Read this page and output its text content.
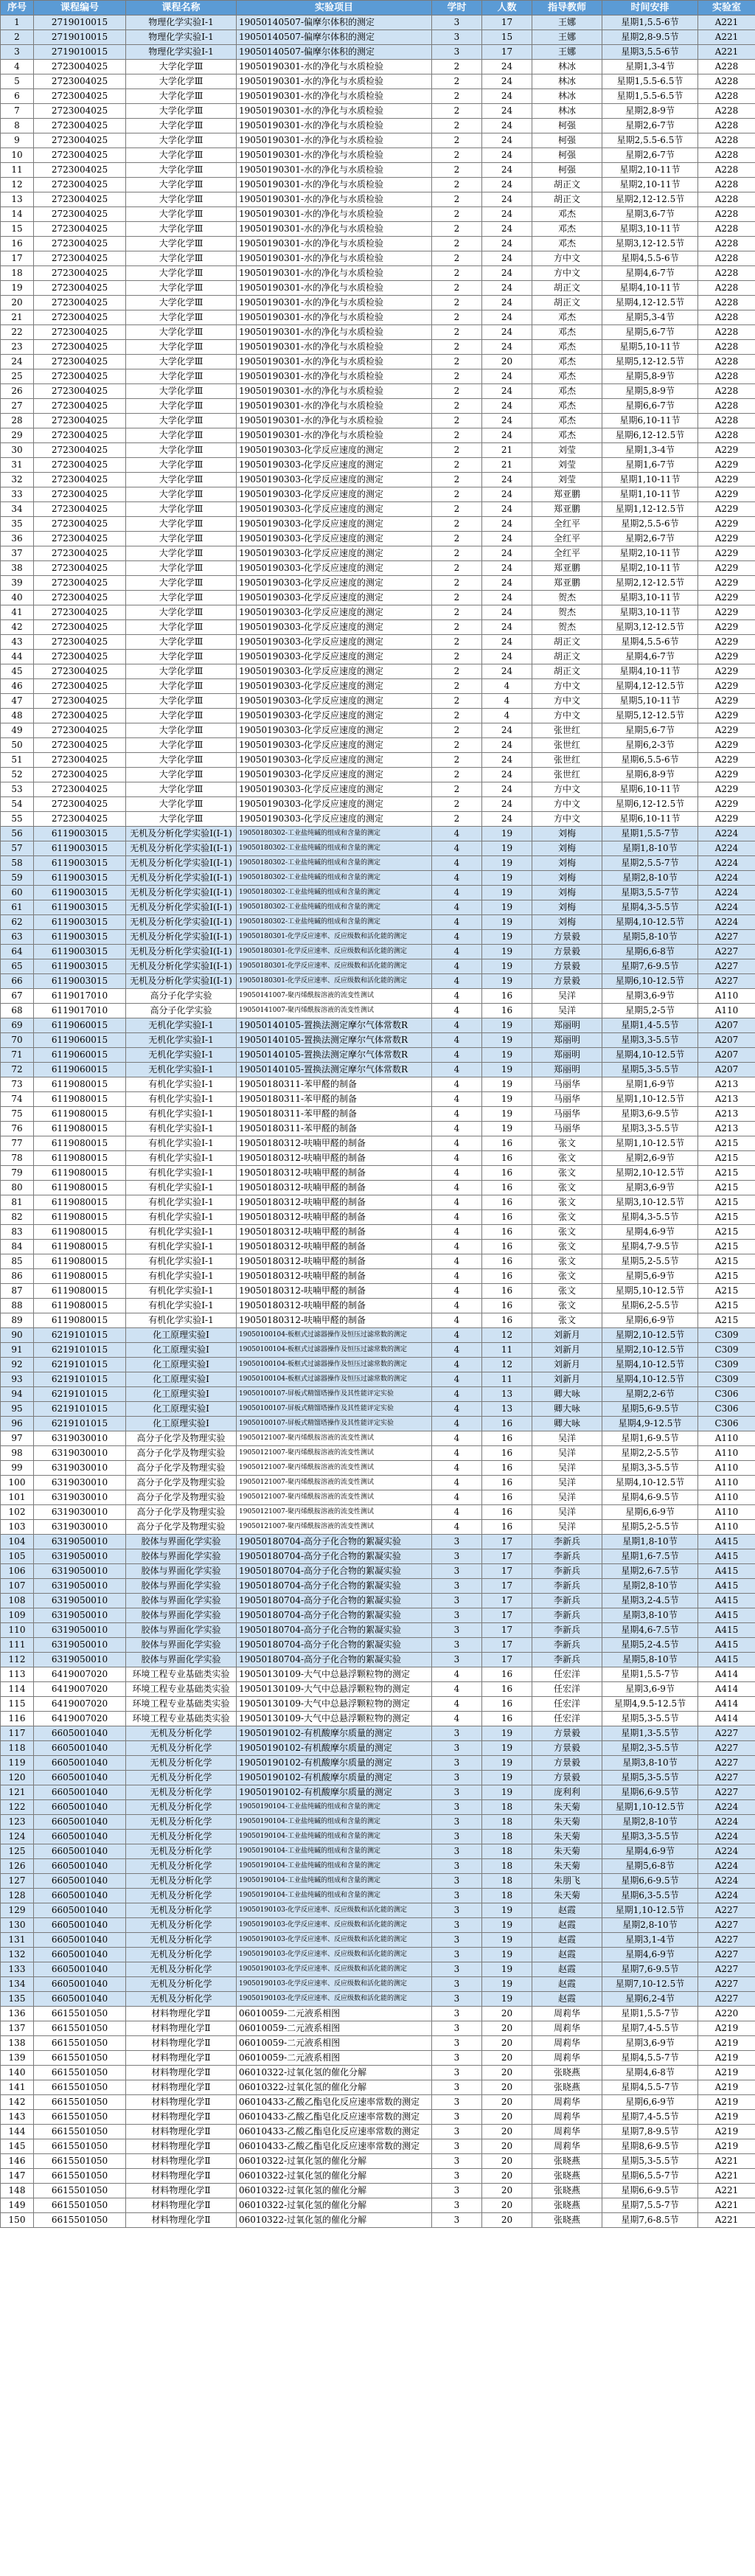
序号	课程编号	课程名称	实验项目	学时	人数	指导教师	时间安排	实验室
1	2719010015	物理化学实验Ⅰ-1	19050140507-偏摩尔体积的测定	3	17	王娜	星期1,5.5-6节	A221
2	2719010015	物理化学实验Ⅰ-1	19050140507-偏摩尔体积的测定	3	15	王娜	星期2,8-9.5节	A221
3	2719010015	物理化学实验Ⅰ-1	19050140507-偏摩尔体积的测定	3	17	王娜	星期3,5.5-6节	A221
4	2723004025	大学化学Ⅲ	19050190301-水的净化与水质检验	2	24	林冰	星期1,3-4节	A228
5	2723004025	大学化学Ⅲ	19050190301-水的净化与水质检验	2	24	林冰	星期1,5.5-6.5节	A228
6	2723004025	大学化学Ⅲ	19050190301-水的净化与水质检验	2	24	林冰	星期1,5.5-6.5节	A228
7	2723004025	大学化学Ⅲ	19050190301-水的净化与水质检验	2	24	林冰	星期2,8-9节	A228
8	2723004025	大学化学Ⅲ	19050190301-水的净化与水质检验	2	24	柯强	星期2,6-7节	A228
9	2723004025	大学化学Ⅲ	19050190301-水的净化与水质检验	2	24	柯强	星期2,5.5-6.5节	A228
10	2723004025	大学化学Ⅲ	19050190301-水的净化与水质检验	2	24	柯强	星期2,6-7节	A228
11	2723004025	大学化学Ⅲ	19050190301-水的净化与水质检验	2	24	柯强	星期2,10-11节	A228
12	2723004025	大学化学Ⅲ	19050190301-水的净化与水质检验	2	24	胡正文	星期2,10-11节	A228
13	2723004025	大学化学Ⅲ	19050190301-水的净化与水质检验	2	24	胡正文	星期2,12-12.5节	A228
14	2723004025	大学化学Ⅲ	19050190301-水的净化与水质检验	2	24	邓杰	星期3,6-7节	A228
15	2723004025	大学化学Ⅲ	19050190301-水的净化与水质检验	2	24	邓杰	星期3,10-11节	A228
16	2723004025	大学化学Ⅲ	19050190301-水的净化与水质检验	2	24	邓杰	星期3,12-12.5节	A228
17	2723004025	大学化学Ⅲ	19050190301-水的净化与水质检验	2	24	方中文	星期4,5.5-6节	A228
18	2723004025	大学化学Ⅲ	19050190301-水的净化与水质检验	2	24	方中文	星期4,6-7节	A228
19	2723004025	大学化学Ⅲ	19050190301-水的净化与水质检验	2	24	胡正文	星期4,10-11节	A228
20	2723004025	大学化学Ⅲ	19050190301-水的净化与水质检验	2	24	胡正文	星期4,12-12.5节	A228
21	2723004025	大学化学Ⅲ	19050190301-水的净化与水质检验	2	24	邓杰	星期5,3-4节	A228
22	2723004025	大学化学Ⅲ	19050190301-水的净化与水质检验	2	24	邓杰	星期5,6-7节	A228
23	2723004025	大学化学Ⅲ	19050190301-水的净化与水质检验	2	24	邓杰	星期5,10-11节	A228
24	2723004025	大学化学Ⅲ	19050190301-水的净化与水质检验	2	20	邓杰	星期5,12-12.5节	A228
25	2723004025	大学化学Ⅲ	19050190301-水的净化与水质检验	2	24	邓杰	星期5,8-9节	A228
26	2723004025	大学化学Ⅲ	19050190301-水的净化与水质检验	2	24	邓杰	星期5,8-9节	A228
27	2723004025	大学化学Ⅲ	19050190301-水的净化与水质检验	2	24	邓杰	星期6,6-7节	A228
28	2723004025	大学化学Ⅲ	19050190301-水的净化与水质检验	2	24	邓杰	星期6,10-11节	A228
29	2723004025	大学化学Ⅲ	19050190301-水的净化与水质检验	2	24	邓杰	星期6,12-12.5节	A228
30	2723004025	大学化学Ⅲ	19050190303-化学反应速度的测定	2	21	刘莹	星期1,3-4节	A229
31	2723004025	大学化学Ⅲ	19050190303-化学反应速度的测定	2	21	刘莹	星期1,6-7节	A229
32	2723004025	大学化学Ⅲ	19050190303-化学反应速度的测定	2	24	刘莹	星期1,10-11节	A229
33	2723004025	大学化学Ⅲ	19050190303-化学反应速度的测定	2	24	郑亚鹏	星期1,10-11节	A229
34	2723004025	大学化学Ⅲ	19050190303-化学反应速度的测定	2	24	郑亚鹏	星期1,12-12.5节	A229
35	2723004025	大学化学Ⅲ	19050190303-化学反应速度的测定	2	24	全红平	星期2,5.5-6节	A229
36	2723004025	大学化学Ⅲ	19050190303-化学反应速度的测定	2	24	全红平	星期2,6-7节	A229
37	2723004025	大学化学Ⅲ	19050190303-化学反应速度的测定	2	24	全红平	星期2,10-11节	A229
38	2723004025	大学化学Ⅲ	19050190303-化学反应速度的测定	2	24	郑亚鹏	星期2,10-11节	A229
39	2723004025	大学化学Ⅲ	19050190303-化学反应速度的测定	2	24	郑亚鹏	星期2,12-12.5节	A229
40	2723004025	大学化学Ⅲ	19050190303-化学反应速度的测定	2	24	贺杰	星期3,10-11节	A229
41	2723004025	大学化学Ⅲ	19050190303-化学反应速度的测定	2	24	贺杰	星期3,10-11节	A229
42	2723004025	大学化学Ⅲ	19050190303-化学反应速度的测定	2	24	贺杰	星期3,12-12.5节	A229
43	2723004025	大学化学Ⅲ	19050190303-化学反应速度的测定	2	24	胡正文	星期4,5.5-6节	A229
44	2723004025	大学化学Ⅲ	19050190303-化学反应速度的测定	2	24	胡正文	星期4,6-7节	A229
45	2723004025	大学化学Ⅲ	19050190303-化学反应速度的测定	2	24	胡正文	星期4,10-11节	A229
46	2723004025	大学化学Ⅲ	19050190303-化学反应速度的测定	2	4	方中文	星期4,12-12.5节	A229
47	2723004025	大学化学Ⅲ	19050190303-化学反应速度的测定	2	4	方中文	星期5,10-11节	A229
48	2723004025	大学化学Ⅲ	19050190303-化学反应速度的测定	2	4	方中文	星期5,12-12.5节	A229
49	2723004025	大学化学Ⅲ	19050190303-化学反应速度的测定	2	24	张世红	星期5,6-7节	A229
50	2723004025	大学化学Ⅲ	19050190303-化学反应速度的测定	2	24	张世红	星期6,2-3节	A229
51	2723004025	大学化学Ⅲ	19050190303-化学反应速度的测定	2	24	张世红	星期6,5.5-6节	A229
52	2723004025	大学化学Ⅲ	19050190303-化学反应速度的测定	2	24	张世红	星期6,8-9节	A229
53	2723004025	大学化学Ⅲ	19050190303-化学反应速度的测定	2	24	方中文	星期6,10-11节	A229
54	2723004025	大学化学Ⅲ	19050190303-化学反应速度的测定	2	24	方中文	星期6,12-12.5节	A229
55	2723004025	大学化学Ⅲ	19050190303-化学反应速度的测定	2	24	方中文	星期6,10-11节	A229
56	6119003015	无机及分析化学实验Ⅰ(Ⅰ-1)	19050180302-工业盐纯碱的组成和含量的测定	4	19	刘梅	星期1,5.5-7节	A224
57	6119003015	无机及分析化学实验Ⅰ(Ⅰ-1)	19050180302-工业盐纯碱的组成和含量的测定	4	19	刘梅	星期1,8-10节	A224
58	6119003015	无机及分析化学实验Ⅰ(Ⅰ-1)	19050180302-工业盐纯碱的组成和含量的测定	4	19	刘梅	星期2,5.5-7节	A224
59	6119003015	无机及分析化学实验Ⅰ(Ⅰ-1)	19050180302-工业盐纯碱的组成和含量的测定	4	19	刘梅	星期2,8-10节	A224
60	6119003015	无机及分析化学实验Ⅰ(Ⅰ-1)	19050180302-工业盐纯碱的组成和含量的测定	4	19	刘梅	星期3,5.5-7节	A224
61	6119003015	无机及分析化学实验Ⅰ(Ⅰ-1)	19050180302-工业盐纯碱的组成和含量的测定	4	19	刘梅	星期4,3-5.5节	A224
62	6119003015	无机及分析化学实验Ⅰ(Ⅰ-1)	19050180302-工业盐纯碱的组成和含量的测定	4	19	刘梅	星期4,10-12.5节	A224
63	6119003015	无机及分析化学实验Ⅰ(Ⅰ-1)	19050180301-化学反应速率、反应级数和活化能的测定	4	19	方景毅	星期5,8-10节	A227
64	6119003015	无机及分析化学实验Ⅰ(Ⅰ-1)	19050180301-化学反应速率、反应级数和活化能的测定	4	19	方景毅	星期6,6-8节	A227
65	6119003015	无机及分析化学实验Ⅰ(Ⅰ-1)	19050180301-化学反应速率、反应级数和活化能的测定	4	19	方景毅	星期7,6-9.5节	A227
66	6119003015	无机及分析化学实验Ⅰ(Ⅰ-1)	19050180301-化学反应速率、反应级数和活化能的测定	4	19	方景毅	星期6,10-12.5节	A227
67	6119017010	高分子化学实验	19050141007-聚丙烯酰胺溶液的流变性测试	4	16	吴洋	星期3,6-9节	A110
68	6119017010	高分子化学实验	19050141007-聚丙烯酰胺溶液的流变性测试	4	16	吴洋	星期5,2-5节	A110
69	6119060015	无机化学实验Ⅰ-1	19050140105-置换法测定摩尔气体常数R	4	19	郑丽明	星期1,4-5.5节	A207
70	6119060015	无机化学实验Ⅰ-1	19050140105-置换法测定摩尔气体常数R	4	19	郑丽明	星期3,3-5.5节	A207
71	6119060015	无机化学实验Ⅰ-1	19050140105-置换法测定摩尔气体常数R	4	19	郑丽明	星期4,10-12.5节	A207
72	6119060015	无机化学实验Ⅰ-1	19050140105-置换法测定摩尔气体常数R	4	19	郑丽明	星期5,3-5.5节	A207
73	6119080015	有机化学实验Ⅰ-1	19050180311-苯甲醛的制备	4	19	马丽华	星期1,6-9节	A213
74	6119080015	有机化学实验Ⅰ-1	19050180311-苯甲醛的制备	4	19	马丽华	星期1,10-12.5节	A213
75	6119080015	有机化学实验Ⅰ-1	19050180311-苯甲醛的制备	4	19	马丽华	星期3,6-9.5节	A213
76	6119080015	有机化学实验Ⅰ-1	19050180311-苯甲醛的制备	4	19	马丽华	星期3,3-5.5节	A213
77	6119080015	有机化学实验Ⅰ-1	19050180312-呋喃甲醛的制备	4	16	张文	星期1,10-12.5节	A215
78	6119080015	有机化学实验Ⅰ-1	19050180312-呋喃甲醛的制备	4	16	张文	星期2,6-9节	A215
79	6119080015	有机化学实验Ⅰ-1	19050180312-呋喃甲醛的制备	4	16	张文	星期2,10-12.5节	A215
80	6119080015	有机化学实验Ⅰ-1	19050180312-呋喃甲醛的制备	4	16	张文	星期3,6-9节	A215
81	6119080015	有机化学实验Ⅰ-1	19050180312-呋喃甲醛的制备	4	16	张文	星期3,10-12.5节	A215
82	6119080015	有机化学实验Ⅰ-1	19050180312-呋喃甲醛的制备	4	16	张文	星期4,3-5.5节	A215
83	6119080015	有机化学实验Ⅰ-1	19050180312-呋喃甲醛的制备	4	16	张文	星期4,6-9节	A215
84	6119080015	有机化学实验Ⅰ-1	19050180312-呋喃甲醛的制备	4	16	张文	星期4,7-9.5节	A215
85	6119080015	有机化学实验Ⅰ-1	19050180312-呋喃甲醛的制备	4	16	张文	星期5,2-5.5节	A215
86	6119080015	有机化学实验Ⅰ-1	19050180312-呋喃甲醛的制备	4	16	张文	星期5,6-9节	A215
87	6119080015	有机化学实验Ⅰ-1	19050180312-呋喃甲醛的制备	4	16	张文	星期5,10-12.5节	A215
88	6119080015	有机化学实验Ⅰ-1	19050180312-呋喃甲醛的制备	4	16	张文	星期6,2-5.5节	A215
89	6119080015	有机化学实验Ⅰ-1	19050180312-呋喃甲醛的制备	4	16	张文	星期6,6-9节	A215
90	6219101015	化工原理实验Ⅰ	19050100104-板框式过滤器操作及恒压过滤常数的测定	4	12	刘新月	星期2,10-12.5节	C309
91	6219101015	化工原理实验Ⅰ	19050100104-板框式过滤器操作及恒压过滤常数的测定	4	11	刘新月	星期2,10-12.5节	C309
92	6219101015	化工原理实验Ⅰ	19050100104-板框式过滤器操作及恒压过滤常数的测定	4	12	刘新月	星期4,10-12.5节	C309
93	6219101015	化工原理实验Ⅰ	19050100104-板框式过滤器操作及恒压过滤常数的测定	4	11	刘新月	星期4,10-12.5节	C309
94	6219101015	化工原理实验Ⅰ	19050100107-屏板式精馏塔操作及其性能评定实验	4	13	卿大咏	星期2,2-6节	C306
95	6219101015	化工原理实验Ⅰ	19050100107-屏板式精馏塔操作及其性能评定实验	4	13	卿大咏	星期5,6-9.5节	C306
96	6219101015	化工原理实验Ⅰ	19050100107-屏板式精馏塔操作及其性能评定实验	4	16	卿大咏	星期4,9-12.5节	C306
97	6319030010	高分子化学及物理实验	19050121007-聚丙烯酰胺溶液的流变性测试	4	16	吴洋	星期1,6-9.5节	A110
98	6319030010	高分子化学及物理实验	19050121007-聚丙烯酰胺溶液的流变性测试	4	16	吴洋	星期2,2-5.5节	A110
99	6319030010	高分子化学及物理实验	19050121007-聚丙烯酰胺溶液的流变性测试	4	16	吴洋	星期3,3-5.5节	A110
100	6319030010	高分子化学及物理实验	19050121007-聚丙烯酰胺溶液的流变性测试	4	16	吴洋	星期4,10-12.5节	A110
101	6319030010	高分子化学及物理实验	19050121007-聚丙烯酰胺溶液的流变性测试	4	16	吴洋	星期4,6-9.5节	A110
102	6319030010	高分子化学及物理实验	19050121007-聚丙烯酰胺溶液的流变性测试	4	16	吴洋	星期6,6-9节	A110
103	6319030010	高分子化学及物理实验	19050121007-聚丙烯酰胺溶液的流变性测试	4	16	吴洋	星期5,2-5.5节	A110
104	6319050010	胶体与界面化学实验	19050180704-高分子化合物的絮凝实验	3	17	李新兵	星期1,8-10节	A415
105	6319050010	胶体与界面化学实验	19050180704-高分子化合物的絮凝实验	3	17	李新兵	星期1,6-7.5节	A415
106	6319050010	胶体与界面化学实验	19050180704-高分子化合物的絮凝实验	3	17	李新兵	星期2,6-7.5节	A415
107	6319050010	胶体与界面化学实验	19050180704-高分子化合物的絮凝实验	3	17	李新兵	星期2,8-10节	A415
108	6319050010	胶体与界面化学实验	19050180704-高分子化合物的絮凝实验	3	17	李新兵	星期3,2-4.5节	A415
109	6319050010	胶体与界面化学实验	19050180704-高分子化合物的絮凝实验	3	17	李新兵	星期3,8-10节	A415
110	6319050010	胶体与界面化学实验	19050180704-高分子化合物的絮凝实验	3	17	李新兵	星期4,6-7.5节	A415
111	6319050010	胶体与界面化学实验	19050180704-高分子化合物的絮凝实验	3	17	李新兵	星期5,2-4.5节	A415
112	6319050010	胶体与界面化学实验	19050180704-高分子化合物的絮凝实验	3	17	李新兵	星期5,8-10节	A415
113	6419007020	环境工程专业基础类实验	19050130109-大气中总悬浮颗粒物的测定	4	16	任宏洋	星期1,5.5-7节	A414
114	6419007020	环境工程专业基础类实验	19050130109-大气中总悬浮颗粒物的测定	4	16	任宏洋	星期3,6-9节	A414
115	6419007020	环境工程专业基础类实验	19050130109-大气中总悬浮颗粒物的测定	4	16	任宏洋	星期4,9.5-12.5节	A414
116	6419007020	环境工程专业基础类实验	19050130109-大气中总悬浮颗粒物的测定	4	16	任宏洋	星期5,3-5.5节	A414
117	6605001040	无机及分析化学	19050190102-有机酸摩尔质量的测定	3	19	方景毅	星期1,3-5.5节	A227
118	6605001040	无机及分析化学	19050190102-有机酸摩尔质量的测定	3	19	方景毅	星期2,3-5.5节	A227
119	6605001040	无机及分析化学	19050190102-有机酸摩尔质量的测定	3	19	方景毅	星期3,8-10节	A227
120	6605001040	无机及分析化学	19050190102-有机酸摩尔质量的测定	3	19	方景毅	星期5,3-5.5节	A227
121	6605001040	无机及分析化学	19050190102-有机酸摩尔质量的测定	3	19	庞利利	星期6,6-9.5节	A227
122	6605001040	无机及分析化学	19050190104-工业盐纯碱的组成和含量的测定	3	18	朱天菊	星期1,10-12.5节	A224
123	6605001040	无机及分析化学	19050190104-工业盐纯碱的组成和含量的测定	3	18	朱天菊	星期2,8-10节	A224
124	6605001040	无机及分析化学	19050190104-工业盐纯碱的组成和含量的测定	3	18	朱天菊	星期3,3-5.5节	A224
125	6605001040	无机及分析化学	19050190104-工业盐纯碱的组成和含量的测定	3	18	朱天菊	星期4,6-9节	A224
126	6605001040	无机及分析化学	19050190104-工业盐纯碱的组成和含量的测定	3	18	朱天菊	星期5,6-8节	A224
127	6605001040	无机及分析化学	19050190104-工业盐纯碱的组成和含量的测定	3	18	朱朋飞	星期6,6-9.5节	A224
128	6605001040	无机及分析化学	19050190104-工业盐纯碱的组成和含量的测定	3	18	朱天菊	星期6,3-5.5节	A224
129	6605001040	无机及分析化学	19050190103-化学反应速率、反应级数和活化能的测定	3	19	赵霞	星期1,10-12.5节	A227
130	6605001040	无机及分析化学	19050190103-化学反应速率、反应级数和活化能的测定	3	19	赵霞	星期2,8-10节	A227
131	6605001040	无机及分析化学	19050190103-化学反应速率、反应级数和活化能的测定	3	19	赵霞	星期3,1-4节	A227
132	6605001040	无机及分析化学	19050190103-化学反应速率、反应级数和活化能的测定	3	19	赵霞	星期4,6-9节	A227
133	6605001040	无机及分析化学	19050190103-化学反应速率、反应级数和活化能的测定	3	19	赵霞	星期7,6-9.5节	A227
134	6605001040	无机及分析化学	19050190103-化学反应速率、反应级数和活化能的测定	3	19	赵霞	星期7,10-12.5节	A227
135	6605001040	无机及分析化学	19050190103-化学反应速率、反应级数和活化能的测定	3	19	赵霞	星期6,2-4节	A227
136	6615501050	材料物理化学Ⅱ	06010059-二元液系相图	3	20	周莉华	星期1,5.5-7节	A220
137	6615501050	材料物理化学Ⅱ	06010059-二元液系相图	3	20	周莉华	星期7,4-5.5节	A219
138	6615501050	材料物理化学Ⅱ	06010059-二元液系相图	3	20	周莉华	星期3,6-9节	A219
139	6615501050	材料物理化学Ⅱ	06010059-二元液系相图	3	20	周莉华	星期4,5.5-7节	A219
140	6615501050	材料物理化学Ⅱ	06010322-过氧化氢的催化分解	3	20	张晓燕	星期4,6-8节	A219
141	6615501050	材料物理化学Ⅱ	06010322-过氧化氢的催化分解	3	20	张晓燕	星期4,5.5-7节	A219
142	6615501050	材料物理化学Ⅱ	06010433-乙酸乙酯皂化反应速率常数的测定	3	20	周莉华	星期6,6-9节	A219
143	6615501050	材料物理化学Ⅱ	06010433-乙酸乙酯皂化反应速率常数的测定	3	20	周莉华	星期7,4-5.5节	A219
144	6615501050	材料物理化学Ⅱ	06010433-乙酸乙酯皂化反应速率常数的测定	3	20	周莉华	星期7,8-9.5节	A219
145	6615501050	材料物理化学Ⅱ	06010433-乙酸乙酯皂化反应速率常数的测定	3	20	周莉华	星期8,6-9.5节	A219
146	6615501050	材料物理化学Ⅱ	06010322-过氧化氢的催化分解	3	20	张晓燕	星期5,3-5.5节	A221
147	6615501050	材料物理化学Ⅱ	06010322-过氧化氢的催化分解	3	20	张晓燕	星期6,5.5-7节	A221
148	6615501050	材料物理化学Ⅱ	06010322-过氧化氢的催化分解	3	20	张晓燕	星期6,6-9.5节	A221
149	6615501050	材料物理化学Ⅱ	06010322-过氧化氢的催化分解	3	20	张晓燕	星期7,5.5-7节	A221
150	6615501050	材料物理化学Ⅱ	06010322-过氧化氢的催化分解	3	20	张晓燕	星期7,6-8.5节	A221
